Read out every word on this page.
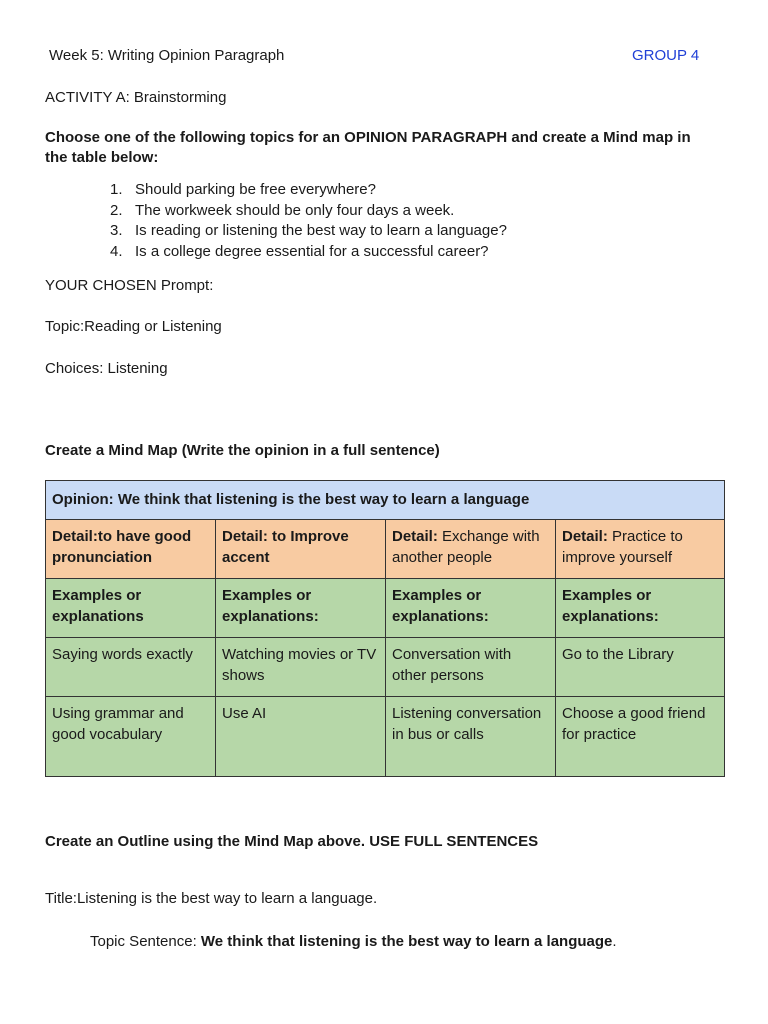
Week 5: Writing Opinion Paragraph	GROUP 4
ACTIVITY A: Brainstorming
Choose one of the following topics for an OPINION PARAGRAPH and create a Mind map in the table below:
1. Should parking be free everywhere?
2. The workweek should be only four days a week.
3. Is reading or listening the best way to learn a language?
4. Is a college degree essential for a successful career?
YOUR CHOSEN Prompt:
Topic:Reading or Listening
Choices: Listening
Create a Mind Map (Write the opinion in a full sentence)
Opinion: We think that listening is the best way to learn a language			
Detail:to have good pronunciation	Detail: to Improve accent	Detail: Exchange with another people	Detail: Practice to improve yourself
Examples or explanations	Examples or explanations:	Examples or explanations:	Examples or explanations:
Saying words exactly	Watching movies or TV shows	Conversation with other persons	Go to the Library
Using grammar and good vocabulary	Use AI	Listening conversation in bus or calls	Choose a good friend for practice
Create an Outline using the Mind Map above. USE FULL SENTENCES
Title:Listening is the best way to learn a language.
Topic Sentence: We think that listening is the best way to learn a language.
